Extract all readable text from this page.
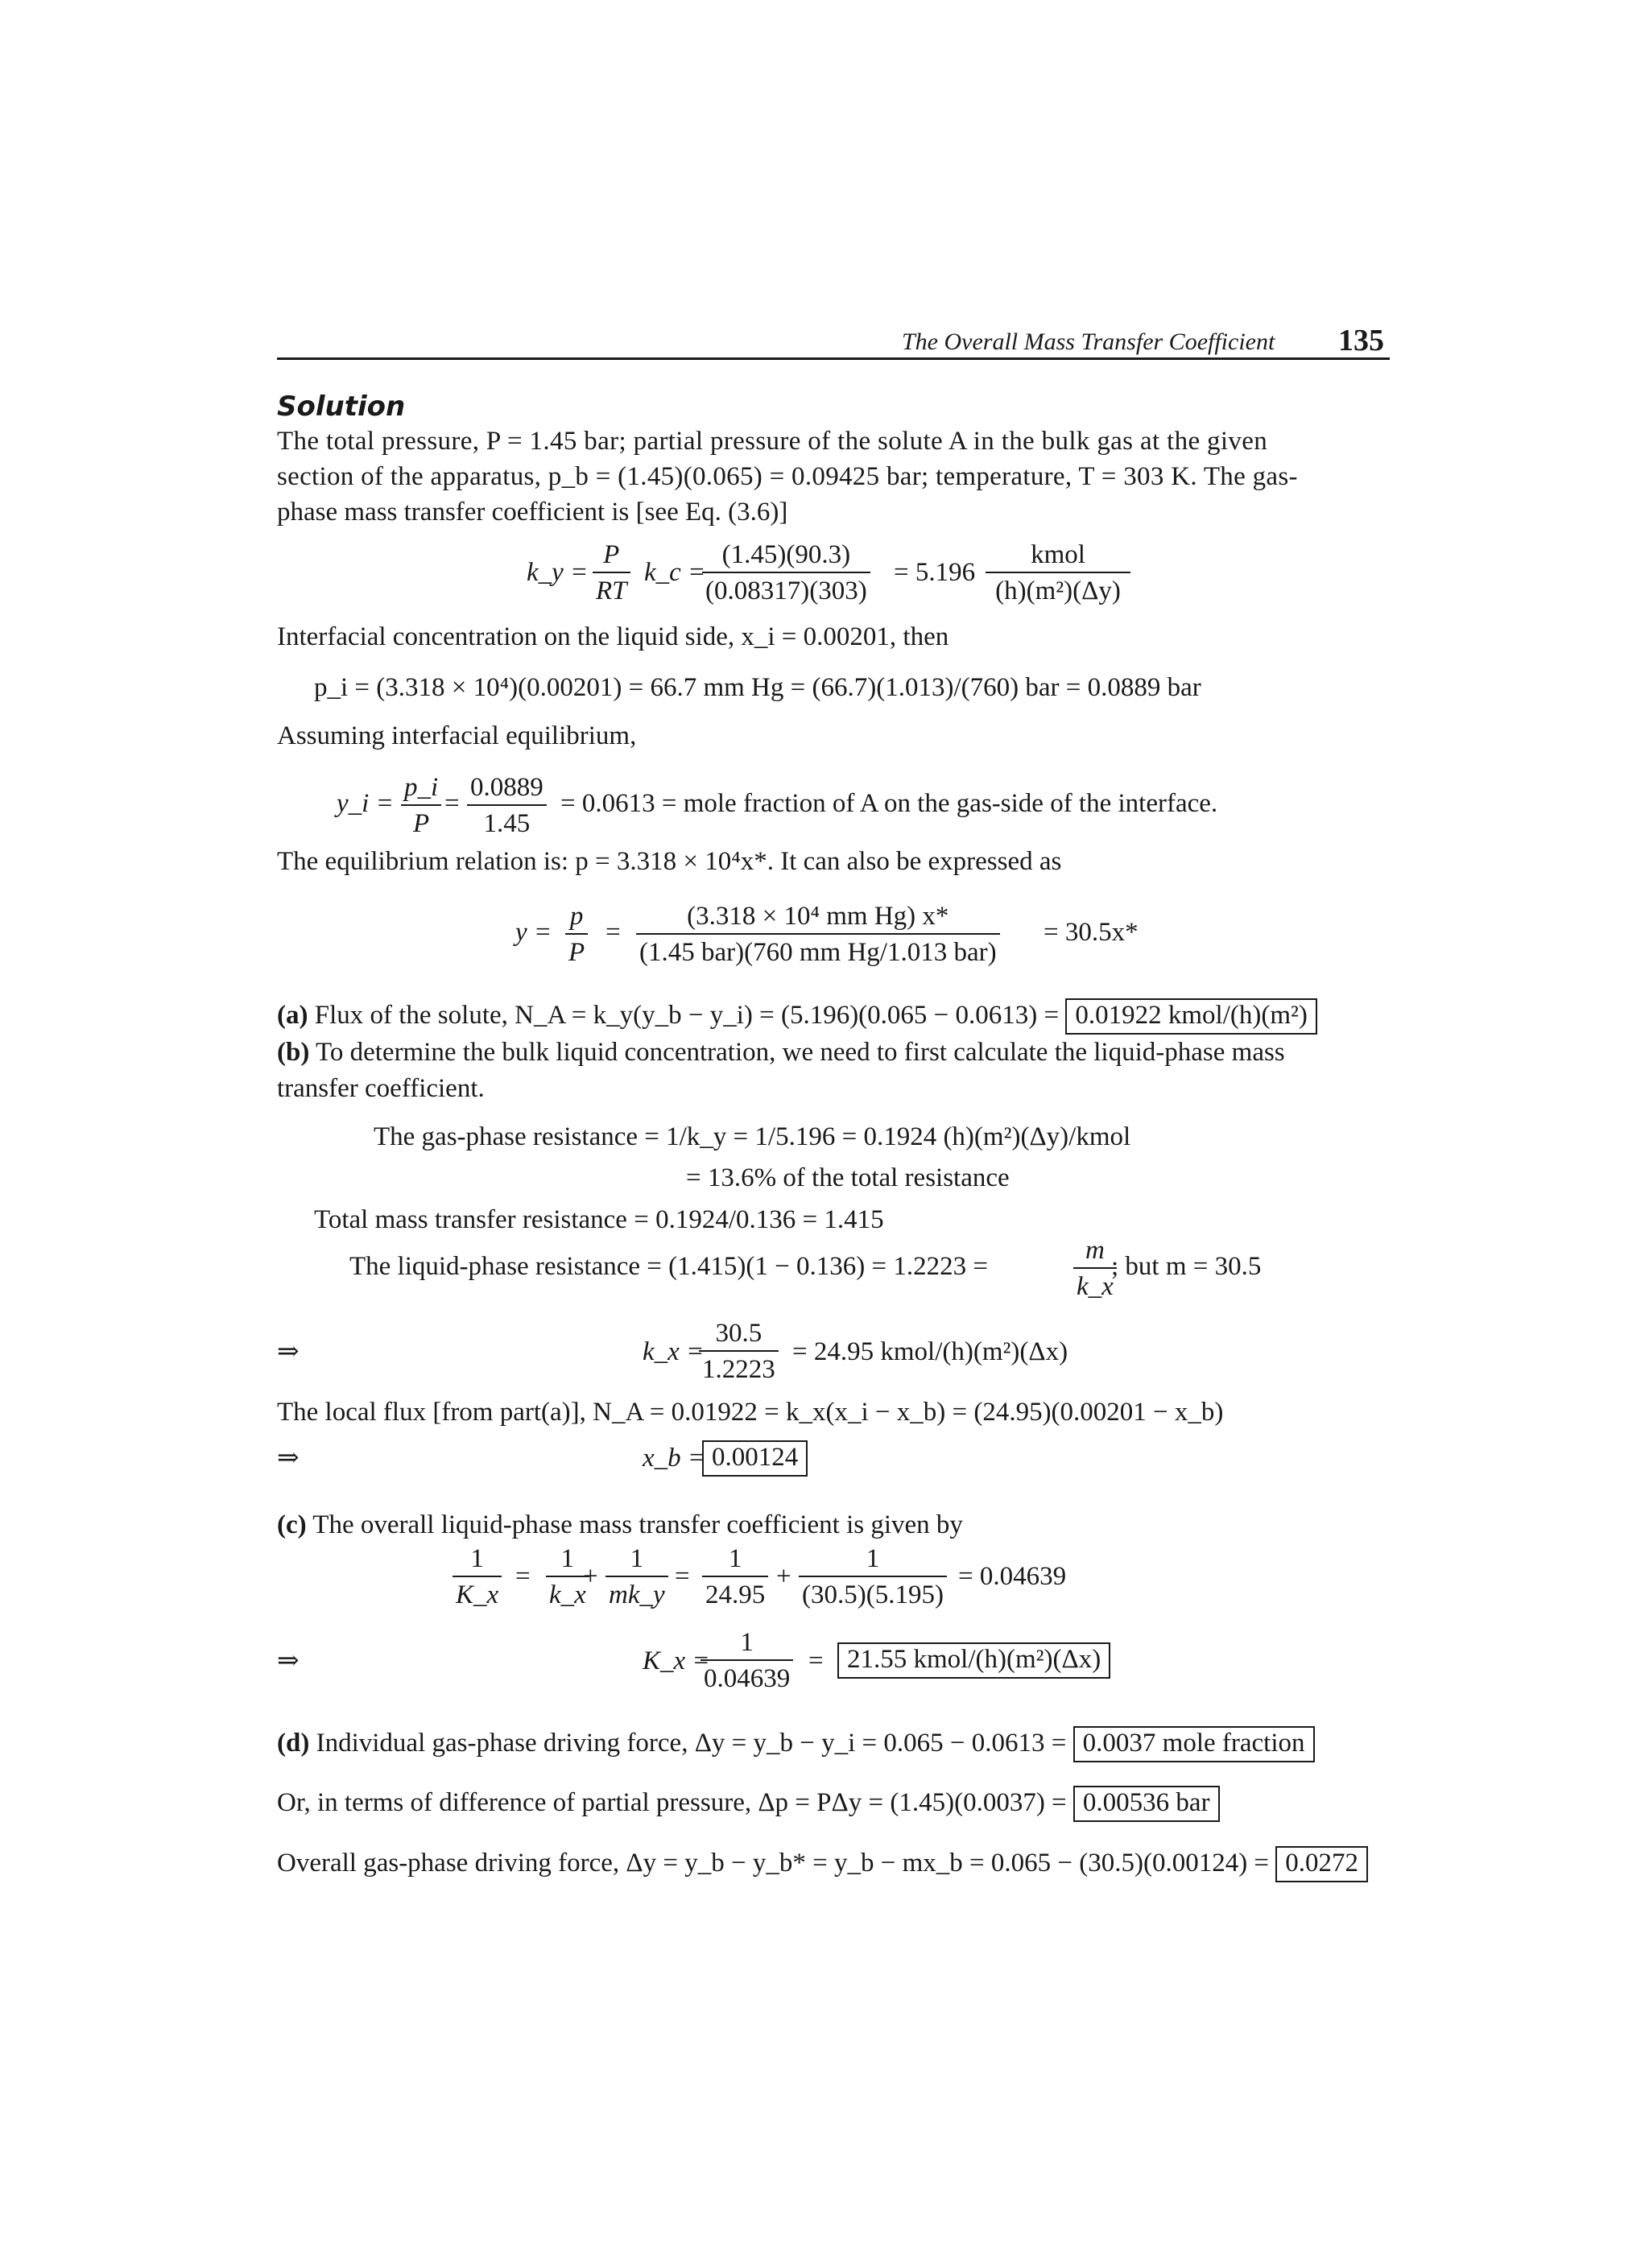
The Overall Mass Transfer Coefficient 135
Solution
The total pressure, P = 1.45 bar; partial pressure of the solute A in the bulk gas at the given
section of the apparatus, p_b = (1.45)(0.065) = 0.09425 bar; temperature, T = 303 K. The gas-
phase mass transfer coefficient is [see Eq. (3.6)]
k_y = $\frac{P}{RT}$ k_c =
$\frac{(1.45)(90.3)}{(0.08317)(303)} = 5.196$
kmol
(h)(m²)(Δy)
Interfacial concentration on the liquid side, x_i = 0.00201, then
p_i = (3.318 × 10⁴)(0.00201) = 66.7 mm Hg = (66.7)(1.013)/(760) bar = 0.0889 bar
Assuming interfacial equilibrium,
y_i = $\frac{p\_i}{P} = \frac{0.0889}{1.45} = 0.0613$ = mole fraction of A on the gas-side of the interface.
The equilibrium relation is: p = 3.318 × 10⁴x*. It can also be expressed as
$y = \frac{p}{P}$ =
(3.318 × 10⁴ mm Hg) x*
(1.45 bar)(760 mm Hg/1.013 bar)
= 30.5x*
(a) Flux of the solute, N_A = k_y(y_b − y_i) = (5.196)(0.065 − 0.0613) = 0.01922 kmol/(h)(m²)
(b) To determine the bulk liquid concentration, we need to first calculate the liquid-phase mass
transfer coefficient.
The gas-phase resistance = 1/k_y = 1/5.196 = 0.1924 (h)(m²)(Δy)/kmol
= 13.6% of the total resistance
Total mass transfer resistance = 0.1924/0.136 = 1.415
The liquid-phase resistance = (1.415)(1 − 0.136) = 1.2223 =	$\frac{m}{k\_x}$
; but m = 30.5
⇒	k_x =
$\frac{30.5}{1.2223} = 24.95$ kmol/(h)(m²)(Δx)
The local flux [from part(a)], N_A = 0.01922 = k_x(x_i − x_b) = (24.95)(0.00201 − x_b)
⇒	x_b = 0.00124
(c) The overall liquid-phase mass transfer coefficient is given by
$\frac{1}{K\_x} = \frac{1}{k\_x}$
+ $\frac{1}{mk\_y} = \frac{1}{24.95} + \frac{1}{(30.5)(5.195)} = 0.04639$
⇒	K_x =
$\frac{1}{0.04639} = 21.55$ kmol/(h)(m²)(Δx)
(d) Individual gas-phase driving force, Δy = y_b − y_i = 0.065 − 0.0613 = 0.0037 mole fraction
Or, in terms of difference of partial pressure, Δp = PΔy = (1.45)(0.0037) = 0.00536 bar
Overall gas-phase driving force, Δy = y_b − y_b* = y_b − mx_b = 0.065 − (30.5)(0.00124) = 0.0272
